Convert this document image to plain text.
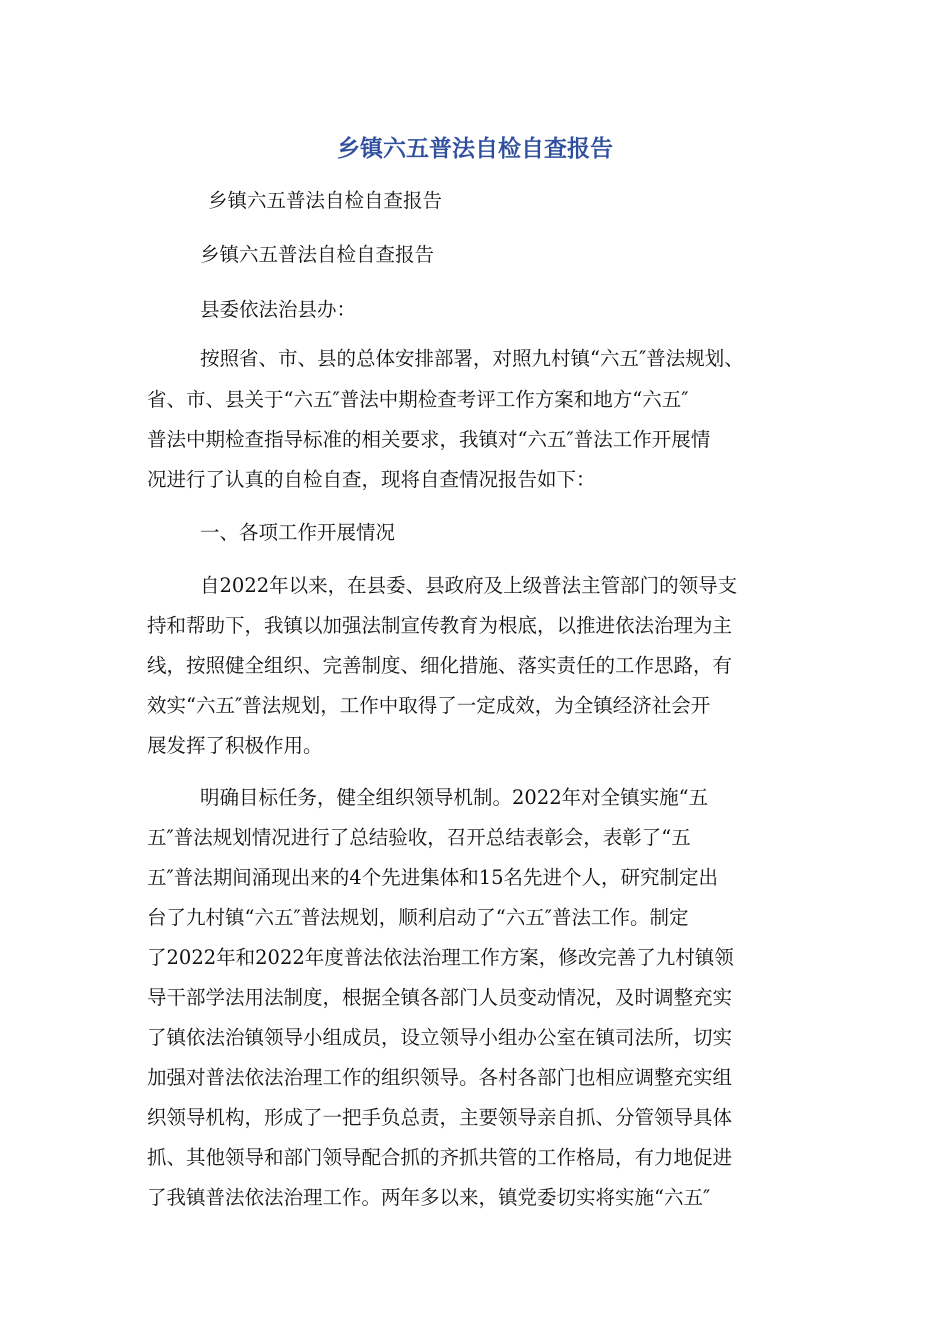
乡镇六五普法自检自查报告

乡镇六五普法自检自查报告

乡镇六五普法自检自查报告

县委依法治县办：

按照省、市、县的总体安排部署，对照九村镇“六五″普法规划、

省、市、县关于“六五″普法中期检查考评工作方案和地方“六五″

普法中期检查指导标准的相关要求，我镇对“六五″普法工作开展情

况进行了认真的自检自查，现将自查情况报告如下：

一、各项工作开展情况

自2022年以来，在县委、县政府及上级普法主管部门的领导支

持和帮助下，我镇以加强法制宣传教育为根底，以推进依法治理为主

线，按照健全组织、完善制度、细化措施、落实责任的工作思路，有

效实“六五″普法规划，工作中取得了一定成效，为全镇经济社会开

展发挥了积极作用。

明确目标任务，健全组织领导机制。2022年对全镇实施“五

五″普法规划情况进行了总结验收，召开总结表彰会，表彰了“五

五″普法期间涌现出来的4个先进集体和15名先进个人，研究制定出

台了九村镇“六五″普法规划，顺利启动了“六五″普法工作。制定

了2022年和2022年度普法依法治理工作方案，修改完善了九村镇领

导干部学法用法制度，根据全镇各部门人员变动情况，及时调整充实

了镇依法治镇领导小组成员，设立领导小组办公室在镇司法所，切实

加强对普法依法治理工作的组织领导。各村各部门也相应调整充实组

织领导机构，形成了一把手负总责，主要领导亲自抓、分管领导具体

抓、其他领导和部门领导配合抓的齐抓共管的工作格局，有力地促进

了我镇普法依法治理工作。两年多以来，镇党委切实将实施“六五″
